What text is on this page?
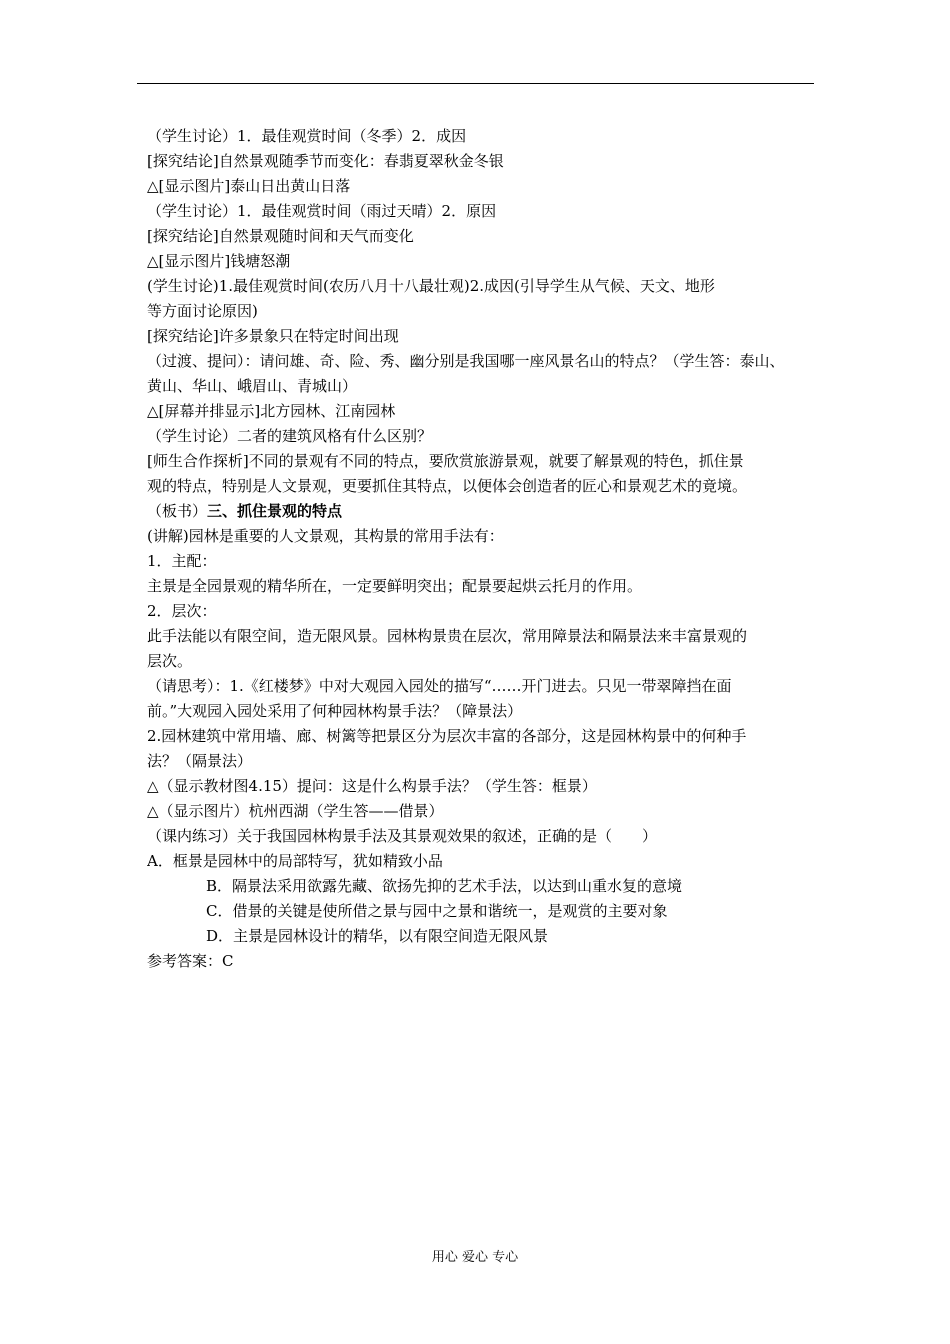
（学生讨论）1．最佳观赏时间（冬季）2．成因
[探究结论]自然景观随季节而变化：春翡夏翠秋金冬银
△[显示图片]泰山日出黄山日落
（学生讨论）1．最佳观赏时间（雨过天晴）2．原因
[探究结论]自然景观随时间和天气而变化
△[显示图片]钱塘怒潮
(学生讨论)1.最佳观赏时间(农历八月十八最壮观)2.成因(引导学生从气候、天文、地形
等方面讨论原因)
[探究结论]许多景象只在特定时间出现
（过渡、提问）：请问雄、奇、险、秀、幽分别是我国哪一座风景名山的特点？（学生答：泰山、
黄山、华山、峨眉山、青城山）
△[屏幕并排显示]北方园林、江南园林
（学生讨论）二者的建筑风格有什么区别？
[师生合作探析]不同的景观有不同的特点，要欣赏旅游景观，就要了解景观的特色，抓住景
观的特点，特别是人文景观，更要抓住其特点，以便体会创造者的匠心和景观艺术的竟境。
（板书）三、抓住景观的特点
(讲解)园林是重要的人文景观，其构景的常用手法有：
1．主配：
主景是全园景观的精华所在，一定要鲜明突出；配景要起烘云托月的作用。
2．层次：
此手法能以有限空间，造无限风景。园林构景贵在层次，常用障景法和隔景法来丰富景观的
层次。
（请思考）：1.《红楼梦》中对大观园入园处的描写“……开门进去。只见一带翠障挡在面
前。”大观园入园处采用了何种园林构景手法？（障景法）
2.园林建筑中常用墙、廊、树篱等把景区分为层次丰富的各部分，这是园林构景中的何种手
法？（隔景法）
△（显示教材图4.15）提问：这是什么构景手法？（学生答：框景）
△（显示图片）杭州西湖（学生答——借景）
（课内练习）关于我国园林构景手法及其景观效果的叙述，正确的是（　　）
A．框景是园林中的局部特写，犹如精致小品
B．隔景法采用欲露先藏、欲扬先抑的艺术手法，以达到山重水复的意境
C．借景的关键是使所借之景与园中之景和谐统一，是观赏的主要对象
D．主景是园林设计的精华，以有限空间造无限风景
参考答案：C
用心 爱心 专心
